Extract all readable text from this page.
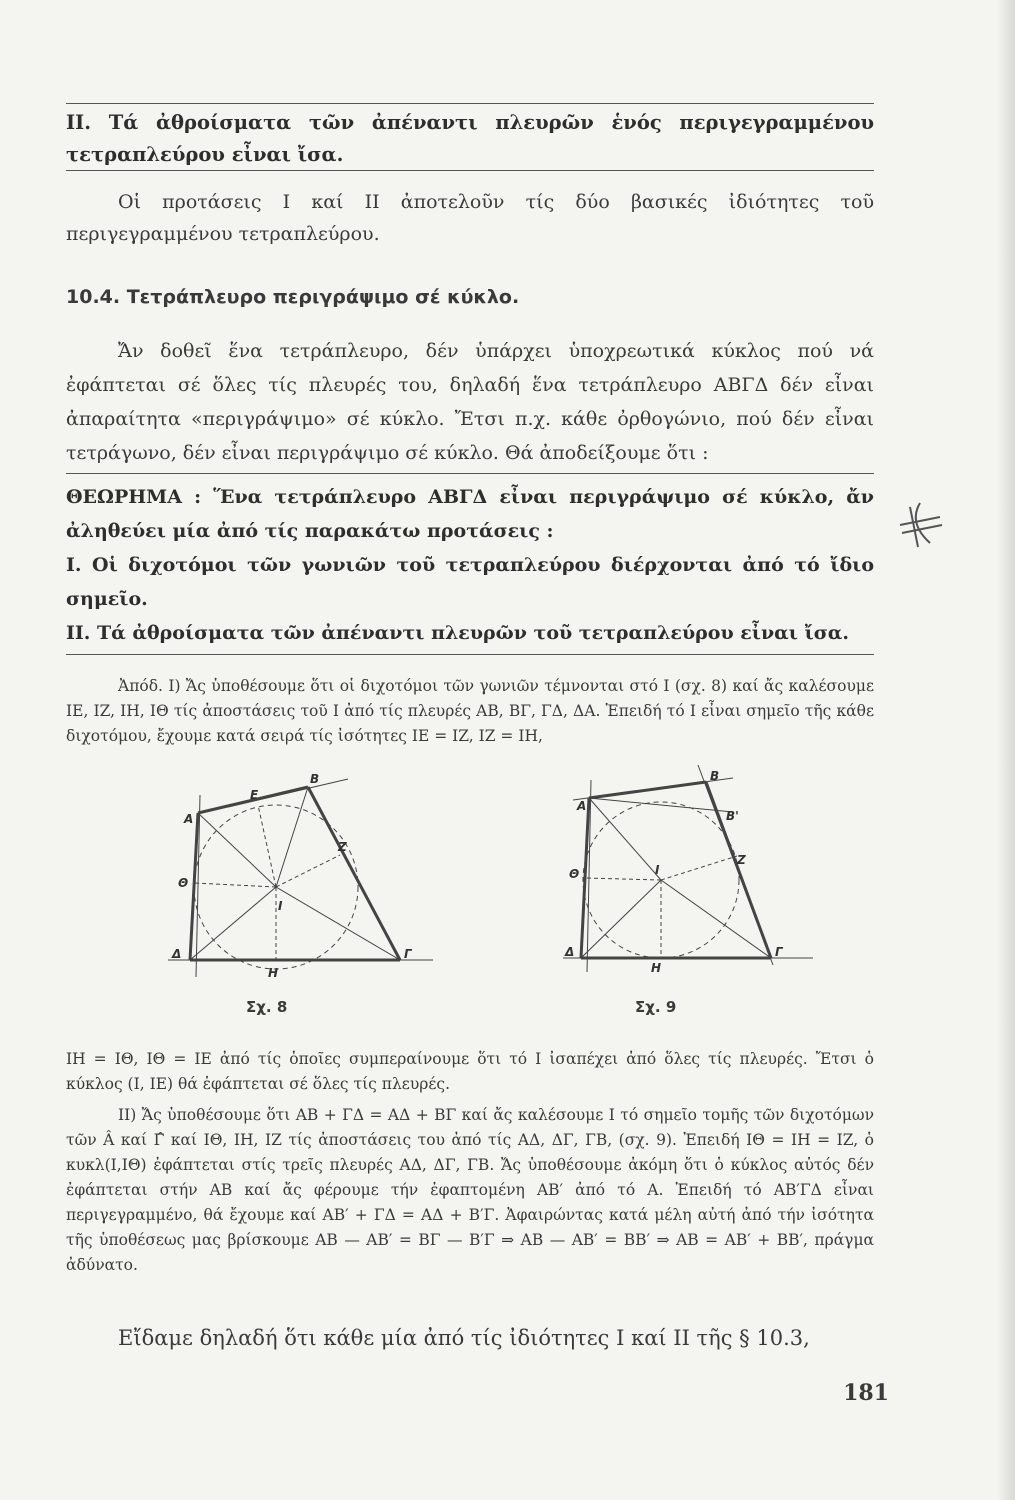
II. Τά ἀθροίσματα τῶν ἀπέναντι πλευρῶν ἑνός περιγεγραμμένου τετραπλεύρου εἶναι ἴσα.
Οἱ προτάσεις I καί II ἀποτελοῦν τίς δύο βασικές ἰδιότητες τοῦ περιγεγραμμένου τετραπλεύρου.
10.4. Τετράπλευρο περιγράψιμο σέ κύκλο.
Ἄν δοθεῖ ἕνα τετράπλευρο, δέν ὑπάρχει ὑποχρεωτικά κύκλος πού νά ἐφάπτεται σέ ὅλες τίς πλευρές του, δηλαδή ἕνα τετράπλευρο ΑΒΓΔ δέν εἶναι ἀπαραίτητα «περιγράψιμο» σέ κύκλο. Ἔτσι π.χ. κάθε ὀρθογώνιο, πού δέν εἶναι τετράγωνο, δέν εἶναι περιγράψιμο σέ κύκλο. Θά ἀποδείξουμε ὅτι :
ΘΕΩΡΗΜΑ : Ἕνα τετράπλευρο ΑΒΓΔ εἶναι περιγράψιμο σέ κύκλο, ἄν ἀληθεύει μία ἀπό τίς παρακάτω προτάσεις :
I. Οἱ διχοτόμοι τῶν γωνιῶν τοῦ τετραπλεύρου διέρχονται ἀπό τό ἴδιο σημεῖο.
II. Τά ἀθροίσματα τῶν ἀπέναντι πλευρῶν τοῦ τετραπλεύρου εἶναι ἴσα.
Ἀπόδ. I) Ἄς ὑποθέσουμε ὅτι οἱ διχοτόμοι τῶν γωνιῶν τέμνονται στό I (σχ. 8) καί ἄς καλέσουμε IE, IZ, IH, IΘ τίς ἀποστάσεις τοῦ I ἀπό τίς πλευρές AB, ΒΓ, ΓΔ, ΔΑ. Ἐπειδή τό I εἶναι σημεῖο τῆς κάθε διχοτόμου, ἔχουμε κατά σειρά τίς ἰσότητες IE = IZ, IZ = IH,
A
E
B
Z
Θ
I
Δ
H
Γ
Σχ. 8
A
B
B'
Z
Θ	I
Δ
H
Γ
Σχ. 9
IH = IΘ, IΘ = IE ἀπό τίς ὁποῖες συμπεραίνουμε ὅτι τό I ἰσαπέχει ἀπό ὅλες τίς πλευρές. Ἔτσι ὁ κύκλος (I, IE) θά ἐφάπτεται σέ ὅλες τίς πλευρές.
II) Ἄς ὑποθέσουμε ὅτι ΑΒ + ΓΔ = ΑΔ + ΒΓ καί ἄς καλέσουμε I τό σημεῖο τομῆς τῶν διχοτόμων τῶν Â καί Γ̂ καί IΘ, IH, IZ τίς ἀποστάσεις του ἀπό τίς ΑΔ, ΔΓ, ΓΒ, (σχ. 9). Ἐπειδή IΘ = IH = IZ, ὁ κυκλ(I,IΘ) ἐφάπτεται στίς τρεῖς πλευρές ΑΔ, ΔΓ, ΓΒ. Ἄς ὑποθέσουμε ἀκόμη ὅτι ὁ κύκλος αὐτός δέν ἐφάπτεται στήν ΑΒ καί ἄς φέρουμε τήν ἐφαπτομένη ΑΒ′ ἀπό τό Α. Ἐπειδή τό ΑΒ′ΓΔ εἶναι περιγεγραμμένο, θά ἔχουμε καί ΑΒ′ + ΓΔ = ΑΔ + Β′Γ. Ἀφαιρώντας κατά μέλη αὐτή ἀπό τήν ἰσότητα τῆς ὑποθέσεως μας βρίσκουμε ΑΒ — ΑΒ′ = ΒΓ — Β′Γ ⇒ ΑΒ — ΑΒ′ = ΒΒ′ ⇒ ΑΒ = ΑΒ′ + ΒΒ′, πράγμα ἀδύνατο.
Εἴδαμε δηλαδή ὅτι κάθε μία ἀπό τίς ἰδιότητες I καί II τῆς § 10.3,
181
